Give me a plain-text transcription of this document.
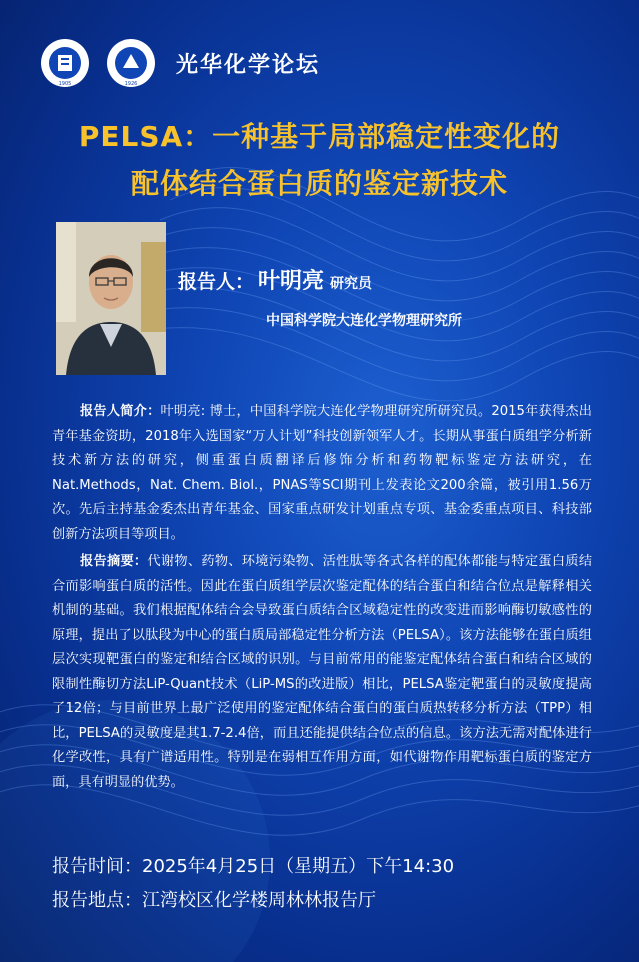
1905	1926
光华化学论坛
PELSA：一种基于局部稳定性变化的
配体结合蛋白质的鉴定新技术
报告人： 叶明亮 研究员
中国科学院大连化学物理研究所
报告人简介：叶明亮: 博士，中国科学院大连化学物理研究所研究员。2015年获得杰出青年基金资助，2018年入选国家“万人计划”科技创新领军人才。长期从事蛋白质组学分析新技术新方法的研究，侧重蛋白质翻译后修饰分析和药物靶标鉴定方法研究，在Nat.Methods，Nat. Chem. Biol.，PNAS等SCI期刊上发表论文200余篇，被引用1.56万次。先后主持基金委杰出青年基金、国家重点研发计划重点专项、基金委重点项目、科技部创新方法项目等项目。
报告摘要：代谢物、药物、环境污染物、活性肽等各式各样的配体都能与特定蛋白质结合而影响蛋白质的活性。因此在蛋白质组学层次鉴定配体的结合蛋白和结合位点是解释相关机制的基础。我们根据配体结合会导致蛋白质结合区域稳定性的改变进而影响酶切敏感性的原理，提出了以肽段为中心的蛋白质局部稳定性分析方法（PELSA）。该方法能够在蛋白质组层次实现靶蛋白的鉴定和结合区域的识别。与目前常用的能鉴定配体结合蛋白和结合区域的限制性酶切方法LiP-Quant技术（LiP-MS的改进版）相比，PELSA鉴定靶蛋白的灵敏度提高了12倍；与目前世界上最广泛使用的鉴定配体结合蛋白的蛋白质热转移分析方法（TPP）相比，PELSA的灵敏度是其1.7-2.4倍，而且还能提供结合位点的信息。该方法无需对配体进行化学改性，具有广谱适用性。特别是在弱相互作用方面，如代谢物作用靶标蛋白质的鉴定方面，具有明显的优势。
报告时间：2025年4月25日（星期五）下午14:30
报告地点：江湾校区化学楼周林林报告厅
